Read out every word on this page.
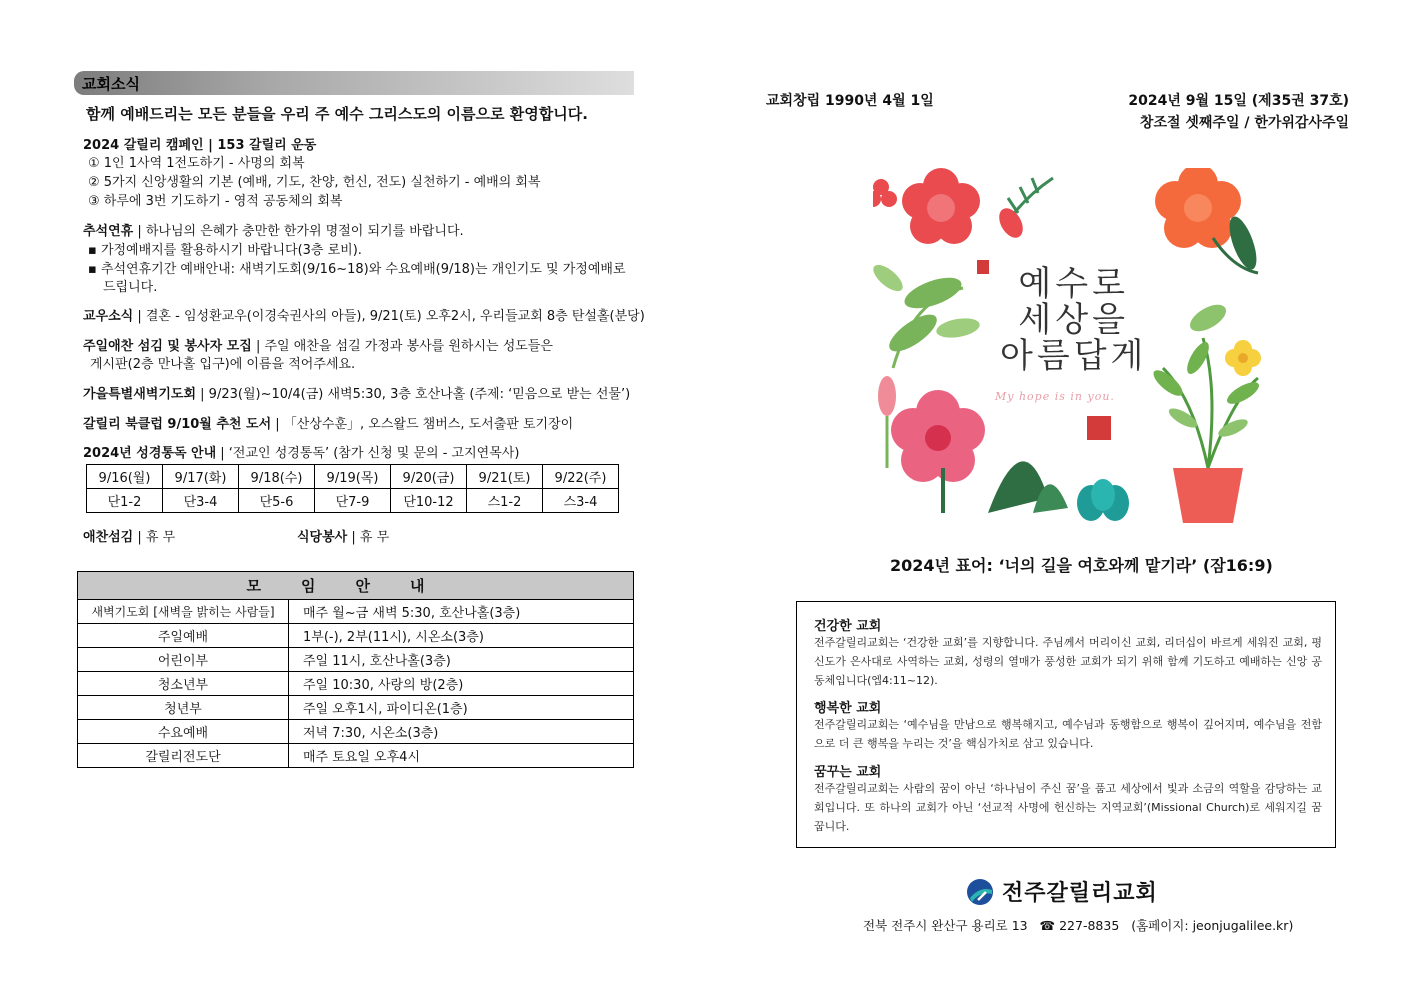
교회소식
함께 예배드리는 모든 분들을 우리 주 예수 그리스도의 이름으로 환영합니다.
2024 갈릴리 캠페인 | 153 갈릴리 운동
① 1인 1사역 1전도하기 - 사명의 회복
② 5가지 신앙생활의 기본 (예배, 기도, 찬양, 헌신, 전도) 실천하기 - 예배의 회복
③ 하루에 3번 기도하기 - 영적 공동체의 회복
추석연휴 | 하나님의 은혜가 충만한 한가위 명절이 되기를 바랍니다.
▪ 가정예배지를 활용하시기 바랍니다(3층 로비).
▪ 추석연휴기간 예배안내: 새벽기도회(9/16~18)와 수요예배(9/18)는 개인기도 및 가정예배로
드립니다.
교우소식 | 결혼 - 임성환교우(이경숙권사의 아들), 9/21(토) 오후2시, 우리들교회 8층 탄설홀(분당)
주일애찬 섬김 및 봉사자 모집 | 주일 애찬을 섬길 가정과 봉사를 원하시는 성도들은
게시판(2층 만나홀 입구)에 이름을 적어주세요.
가을특별새벽기도회 | 9/23(월)~10/4(금) 새벽5:30, 3층 호산나홀 (주제: ‘믿음으로 받는 선물’)
갈릴리 북클럽 9/10월 추천 도서 | 「산상수훈」, 오스왈드 챔버스, 도서출판 토기장이
2024년 성경통독 안내 | ‘전교인 성경통독’ (참가 신청 및 문의 - 고지연목사)
9/16(월)	9/17(화)	9/18(수)	9/19(목)	9/20(금)	9/21(토)	9/22(주)
단1-2	단3-4	단5-6	단7-9	단10-12	스1-2	스3-4
애찬섬김 | 휴 무	식당봉사 | 휴 무
모임안내	
새벽기도회 [새벽을 밝히는 사람들]	매주 월~금 새벽 5:30, 호산나홀(3층)
주일예배	1부(-), 2부(11시), 시온소(3층)
어린이부	주일 11시, 호산나홀(3층)
청소년부	주일 10:30, 사랑의 방(2층)
청년부	주일 오후1시, 파이디온(1층)
수요예배	저녁 7:30, 시온소(3층)
갈릴리전도단	매주 토요일 오후4시
교회창립 1990년 4월 1일	2024년 9월 15일 (제35권 37호)
창조절 셋째주일 / 한가위감사주일
예수로
세상을
아름답게
My hope is in you.
2024년 표어: ‘너의 길을 여호와께 맡기라’ (잠16:9)
건강한 교회
전주갈릴리교회는 ‘건강한 교회’를 지향합니다. 주님께서 머리이신 교회, 리더십이 바르게 세워진 교회, 평신도가 은사대로 사역하는 교회, 성령의 열매가 풍성한 교회가 되기 위해 함께 기도하고 예배하는 신앙 공동체입니다(엡4:11~12).
행복한 교회
전주갈릴리교회는 ‘예수님을 만남으로 행복해지고, 예수님과 동행함으로 행복이 깊어지며, 예수님을 전함으로 더 큰 행복을 누리는 것’을 핵심가치로 삼고 있습니다.
꿈꾸는 교회
전주갈릴리교회는 사람의 꿈이 아닌 ‘하나님이 주신 꿈’을 품고 세상에서 빛과 소금의 역할을 감당하는 교회입니다. 또 하나의 교회가 아닌 ‘선교적 사명에 헌신하는 지역교회’(Missional Church)로 세워지길 꿈꿉니다.
전주갈릴리교회
전북 전주시 완산구 용리로 13 ☎ 227-8835 (홈페이지: jeonjugalilee.kr)
